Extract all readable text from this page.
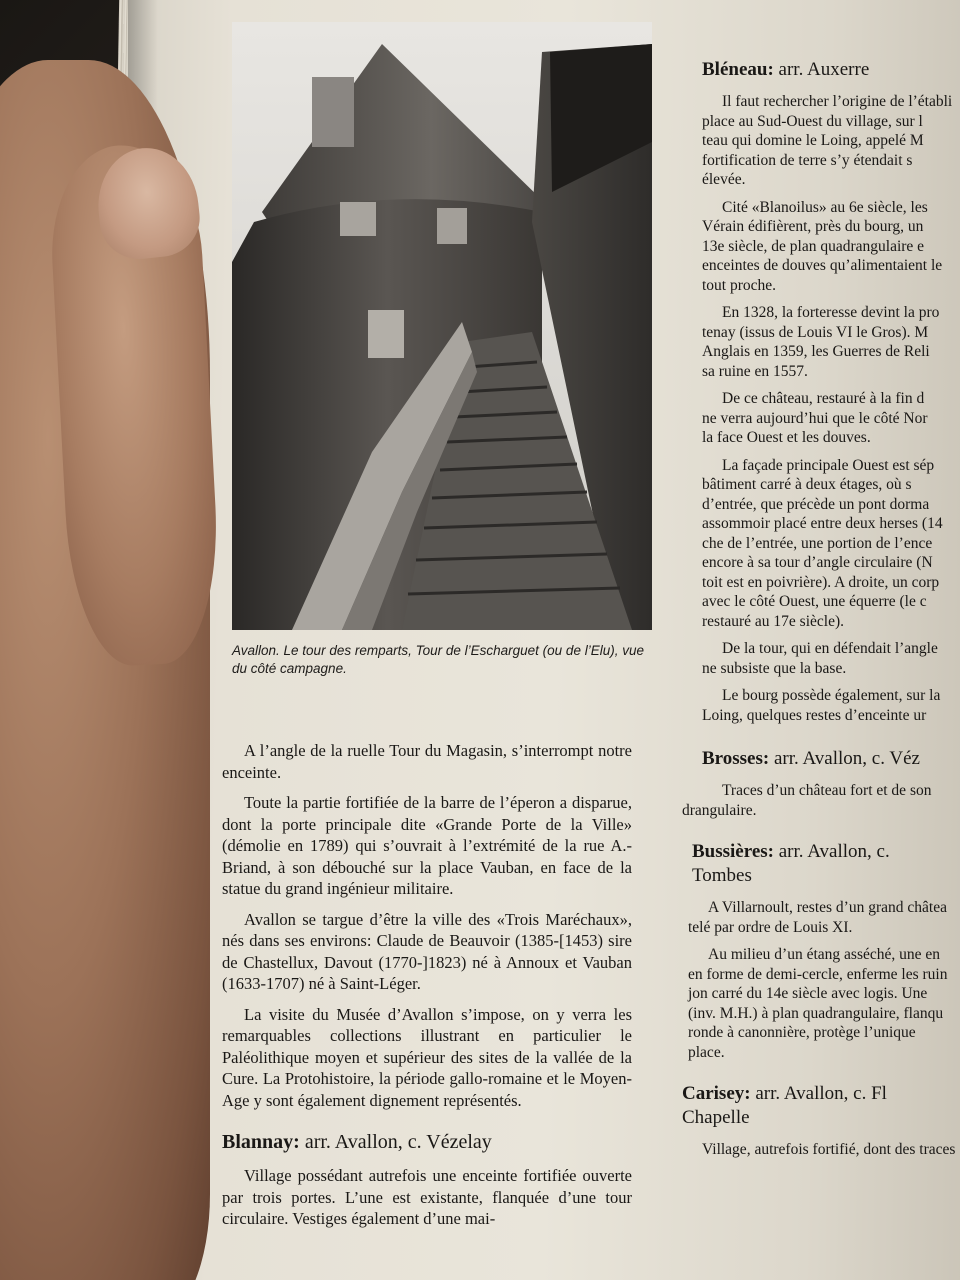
Avallon. Le tour des remparts, Tour de l’Escharguet (ou de l’Elu), vue du côté campagne.

A l’angle de la ruelle Tour du Magasin, s’interrompt notre enceinte.

Toute la partie fortifiée de la barre de l’éperon a disparue, dont la porte principale dite «Grande Porte de la Ville» (démolie en 1789) qui s’ouvrait à l’extrémité de la rue A.-Briand, à son débouché sur la place Vauban, en face de la statue du grand ingénieur militaire.

Avallon se targue d’être la ville des «Trois Maréchaux», nés dans ses environs: Claude de Beauvoir (1385-[1453) sire de Chastellux, Davout (1770-]1823) né à Annoux et Vauban (1633-1707) né à Saint-Léger.

La visite du Musée d’Avallon s’impose, on y verra les remarquables collections illustrant en particulier le Paléolithique moyen et supérieur des sites de la vallée de la Cure. La Protohistoire, la période gallo-romaine et le Moyen-Age y sont également dignement représentés.

Blannay: arr. Avallon, c. Vézelay

Village possédant autrefois une enceinte fortifiée ouverte par trois portes. L’une est existante, flanquée d’une tour circulaire. Vestiges également d’une mai-

Bléneau: arr. Auxerre

Il faut rechercher l’origine de l’établi
place au Sud-Ouest du village, sur l
teau qui domine le Loing, appelé M
fortification de terre s’y étendait s
élevée.

Cité «Blanoilus» au 6e siècle, les
Vérain édifièrent, près du bourg, un
13e siècle, de plan quadrangulaire e
enceintes de douves qu’alimentaient le
tout proche.

En 1328, la forteresse devint la pro
tenay (issus de Louis VI le Gros). M
Anglais en 1359, les Guerres de Reli
sa ruine en 1557.

De ce château, restauré à la fin d
ne verra aujourd’hui que le côté Nor
la face Ouest et les douves.

La façade principale Ouest est sép
bâtiment carré à deux étages, où s
d’entrée, que précède un pont dorma
assommoir placé entre deux herses (14
che de l’entrée, une portion de l’ence
encore à sa tour d’angle circulaire (N
toit est en poivrière). A droite, un corp
avec le côté Ouest, une équerre (le c
restauré au 17e siècle).

De la tour, qui en défendait l’angle
ne subsiste que la base.

Le bourg possède également, sur la
Loing, quelques restes d’enceinte ur

Brosses: arr. Avallon, c. Véz

Traces d’un château fort et de son
drangulaire.

Bussières: arr. Avallon, c.
Tombes

A Villarnoult, restes d’un grand châtea
telé par ordre de Louis XI.

Au milieu d’un étang asséché, une en
en forme de demi-cercle, enferme les ruin
jon carré du 14e siècle avec logis. Une
(inv. M.H.) à plan quadrangulaire, flanqu
ronde à canonnière, protège l’unique
place.

Carisey: arr. Avallon, c. Fl
Chapelle

Village, autrefois fortifié, dont des traces
